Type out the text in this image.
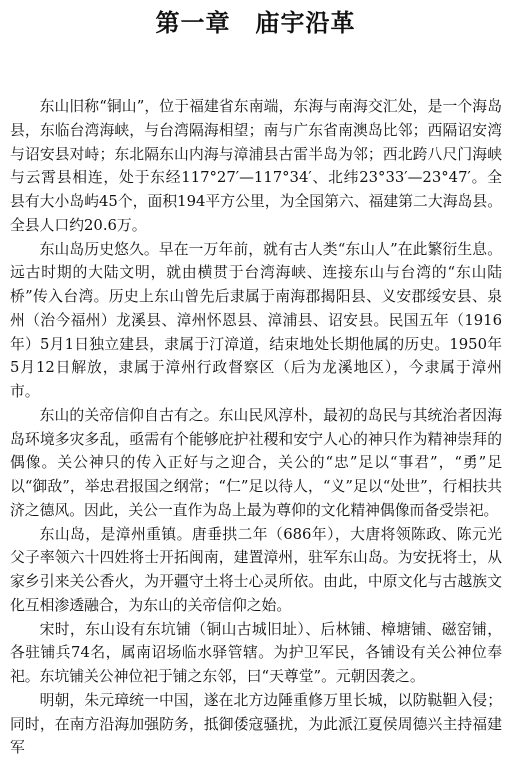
第一章　庙宇沿革

东山旧称“铜山”，位于福建省东南端，东海与南海交汇处，是一个海岛县，东临台湾海峡，与台湾隔海相望；南与广东省南澳岛比邻；西隔诏安湾与诏安县对峙；东北隔东山内海与漳浦县古雷半岛为邻；西北跨八尺门海峡与云霄县相连，处于东经117°27′—117°34′、北纬23°33′—23°47′。全县有大小岛屿45个，面积194平方公里，为全国第六、福建第二大海岛县。全县人口约20.6万。

东山岛历史悠久。早在一万年前，就有古人类“东山人”在此繁衍生息。远古时期的大陆文明，就由横贯于台湾海峡、连接东山与台湾的“东山陆桥”传入台湾。历史上东山曾先后隶属于南海郡揭阳县、义安郡绥安县、泉州（治今福州）龙溪县、漳州怀恩县、漳浦县、诏安县。民国五年（1916年）5月1日独立建县，隶属于汀漳道，结束地处长期他属的历史。1950年5月12日解放，隶属于漳州行政督察区（后为龙溪地区），今隶属于漳州市。

东山的关帝信仰自古有之。东山民风淳朴，最初的岛民与其统治者因海岛环境多灾多乱，亟需有个能够庇护社稷和安宁人心的神只作为精神崇拜的偶像。关公神只的传入正好与之迎合，关公的“忠”足以“事君”，“勇”足以“御敌”，举忠君报国之纲常；“仁”足以待人，“义”足以“处世”，行相扶共济之德风。因此，关公一直作为岛上最为尊仰的文化精神偶像而备受崇祀。

东山岛，是漳州重镇。唐垂拱二年（686年），大唐将领陈政、陈元光父子率领六十四姓将士开拓闽南，建置漳州，驻军东山岛。为安抚将士，从家乡引来关公香火，为开疆守土将士心灵所依。由此，中原文化与古越族文化互相渗透融合，为东山的关帝信仰之始。

宋时，东山设有东坑铺（铜山古城旧址）、后林铺、樟塘铺、磁窑铺，各驻铺兵74名，属南诏场临水驿管辖。为护卫军民，各铺设有关公神位奉祀。东坑铺关公神位祀于铺之东邻，曰“天尊堂”。元朝因袭之。

明朝，朱元璋统一中国，遂在北方边陲重修万里长城，以防鞑靼入侵；同时，在南方沿海加强防务，抵御倭寇骚扰，为此派江夏侯周德兴主持福建军
